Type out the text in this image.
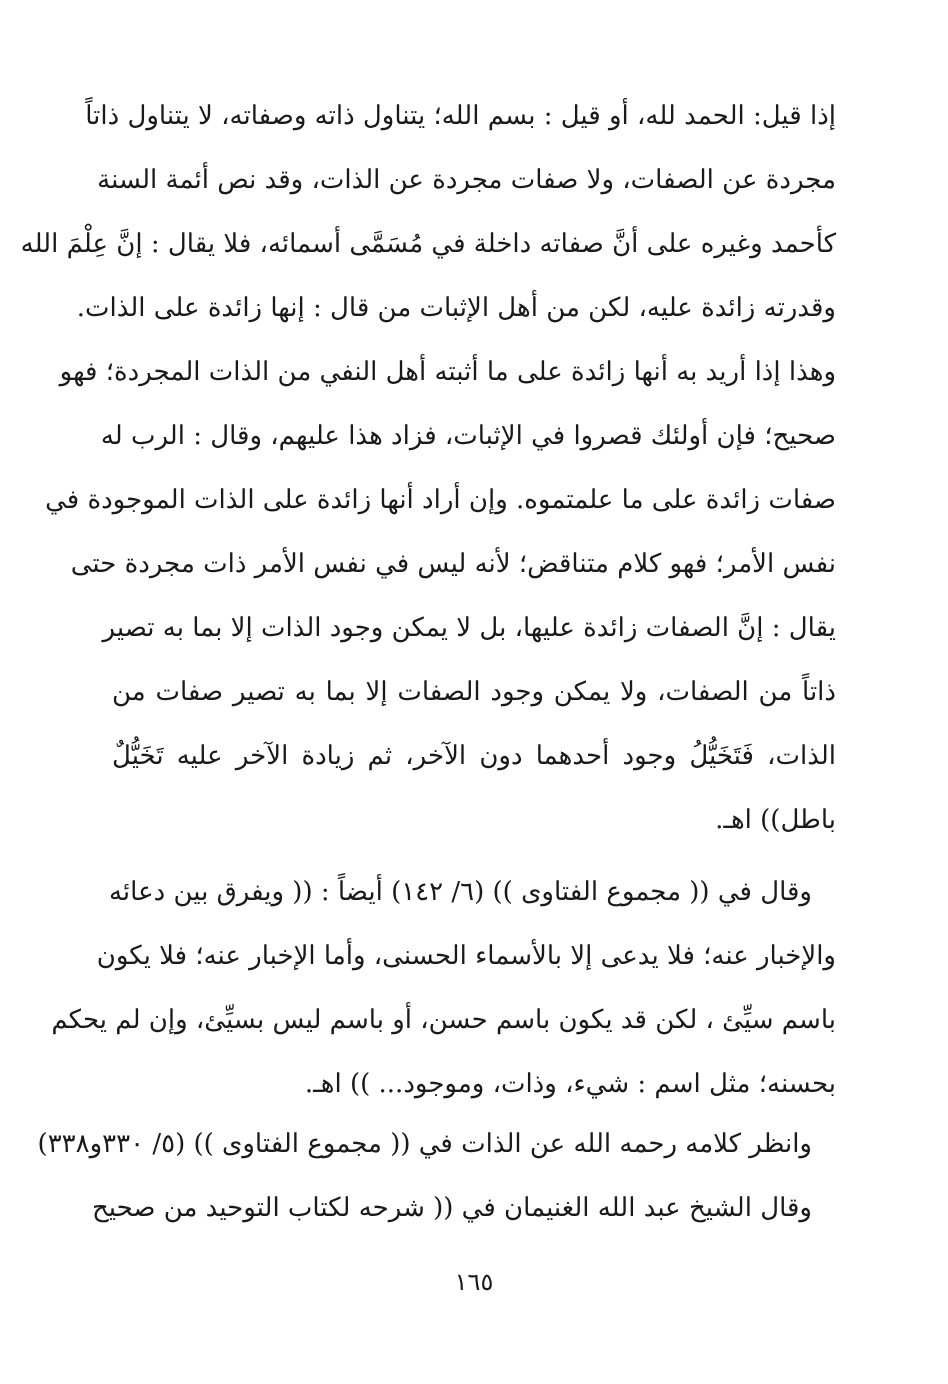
إذا قيل: الحمد لله، أو قيل : بسم الله؛ يتناول ذاته وصفاته، لا يتناول ذاتاً
مجردة عن الصفات، ولا صفات مجردة عن الذات، وقد نص أئمة السنة
كأحمد وغيره على أنَّ صفاته داخلة في مُسَمَّى أسمائه، فلا يقال : إنَّ عِلْمَ الله
وقدرته زائدة عليه، لكن من أهل الإثبات من قال : إنها زائدة على الذات.
وهذا إذا أريد به أنها زائدة على ما أثبته أهل النفي من الذات المجردة؛ فهو
صحيح؛ فإن أولئك قصروا في الإثبات، فزاد هذا عليهم، وقال : الرب له
صفات زائدة على ما علمتموه. وإن أراد أنها زائدة على الذات الموجودة في
نفس الأمر؛ فهو كلام متناقض؛ لأنه ليس في نفس الأمر ذات مجردة حتى
يقال : إنَّ الصفات زائدة عليها، بل لا يمكن وجود الذات إلا بما به تصير
ذاتاً من الصفات، ولا يمكن وجود الصفات إلا بما به تصير صفات من
الذات، فَتَخَيُّلُ وجود أحدهما دون الآخر، ثم زيادة الآخر عليه تَخَيُّلٌ
باطل)) اهـ.
وقال في (( مجموع الفتاوى )) (٦/ ١٤٢) أيضاً : (( ويفرق بين دعائه
والإخبار عنه؛ فلا يدعى إلا بالأسماء الحسنى، وأما الإخبار عنه؛ فلا يكون
باسم سيِّئ ، لكن قد يكون باسم حسن، أو باسم ليس بسيِّئ، وإن لم يحكم
بحسنه؛ مثل اسم : شيء، وذات، وموجود... )) اهـ.
وانظر كلامه رحمه الله عن الذات في (( مجموع الفتاوى )) (٥/ ٣٣٠و٣٣٨)
وقال الشيخ عبد الله الغنيمان في (( شرحه لكتاب التوحيد من صحيح
١٦٥
